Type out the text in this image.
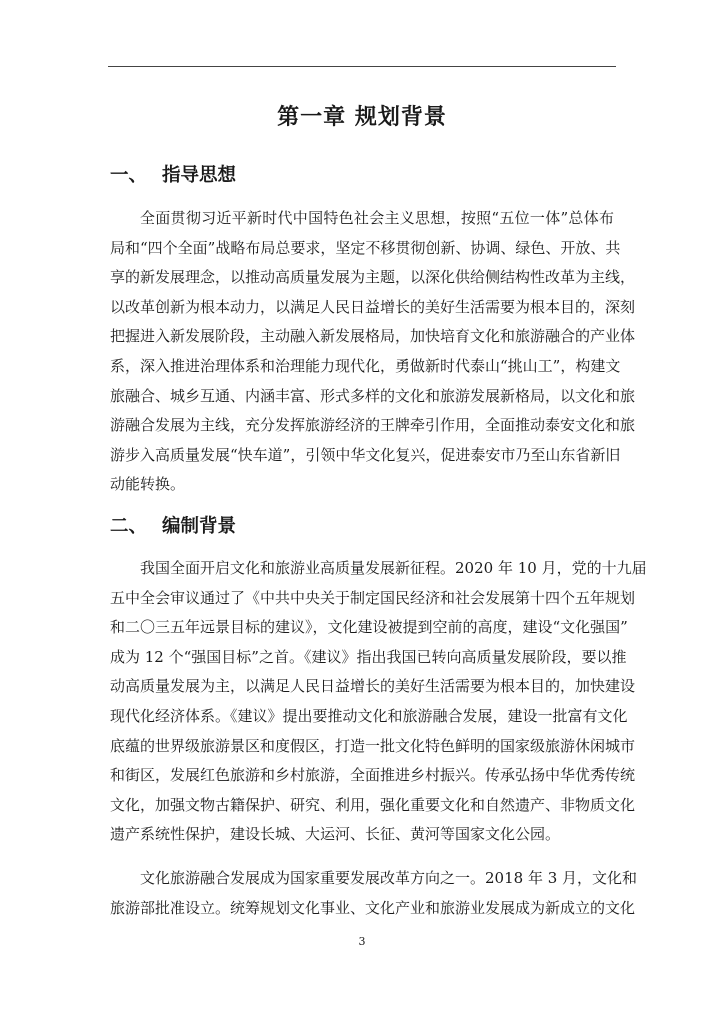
第一章 规划背景
一、 指导思想
全面贯彻习近平新时代中国特色社会主义思想，按照“五位一体”总体布
局和“四个全面”战略布局总要求，坚定不移贯彻创新、协调、绿色、开放、共
享的新发展理念，以推动高质量发展为主题，以深化供给侧结构性改革为主线，
以改革创新为根本动力，以满足人民日益增长的美好生活需要为根本目的，深刻
把握进入新发展阶段，主动融入新发展格局，加快培育文化和旅游融合的产业体
系，深入推进治理体系和治理能力现代化，勇做新时代泰山“挑山工”，构建文
旅融合、城乡互通、内涵丰富、形式多样的文化和旅游发展新格局，以文化和旅
游融合发展为主线，充分发挥旅游经济的王牌牵引作用，全面推动泰安文化和旅
游步入高质量发展“快车道”，引领中华文化复兴，促进泰安市乃至山东省新旧
动能转换。
二、 编制背景
我国全面开启文化和旅游业高质量发展新征程。2020 年 10 月，党的十九届
五中全会审议通过了《中共中央关于制定国民经济和社会发展第十四个五年规划
和二〇三五年远景目标的建议》，文化建设被提到空前的高度，建设“文化强国”
成为 12 个“强国目标”之首。《建议》指出我国已转向高质量发展阶段，要以推
动高质量发展为主，以满足人民日益增长的美好生活需要为根本目的，加快建设
现代化经济体系。《建议》提出要推动文化和旅游融合发展，建设一批富有文化
底蕴的世界级旅游景区和度假区，打造一批文化特色鲜明的国家级旅游休闲城市
和街区，发展红色旅游和乡村旅游，全面推进乡村振兴。传承弘扬中华优秀传统
文化，加强文物古籍保护、研究、利用，强化重要文化和自然遗产、非物质文化
遗产系统性保护，建设长城、大运河、长征、黄河等国家文化公园。
文化旅游融合发展成为国家重要发展改革方向之一。2018 年 3 月，文化和
旅游部批准设立。统筹规划文化事业、文化产业和旅游业发展成为新成立的文化

3
